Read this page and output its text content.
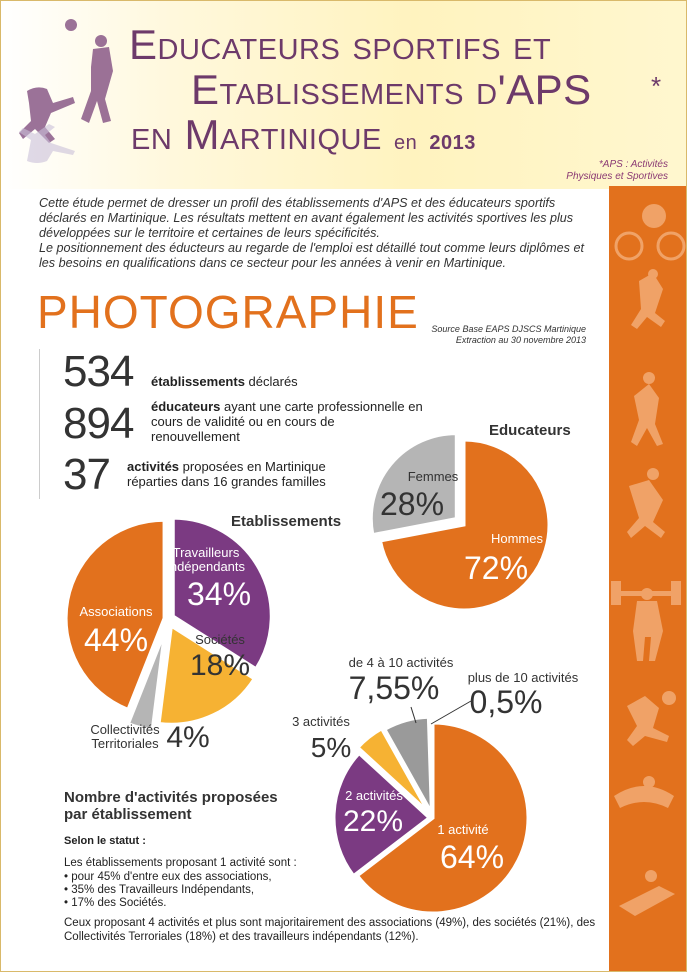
Educateurs sportifs et
Etablissements d'APS *
en Martinique en 2013
*APS : Activités
Physiques et Sportives
Cette étude permet de dresser un profil des établissements d'APS et des éducateurs sportifs déclarés en Martinique. Les résultats mettent en avant également les activités sportives les plus développées sur le territoire et certaines de leurs spécificités.
Le positionnement des éducteurs au regarde de l'emploi est détaillé tout comme leurs diplômes et les besoins en qualifications dans ce secteur pour les années à venir en Martinique.
PHOTOGRAPHIE	Source Base EAPS DJSCS Martinique
Extraction au 30 novembre 2013
534 établissements déclarés
894 éducateurs ayant une carte professionnelle en cours de validité ou en cours de renouvellement
37 activités proposées en Martinique réparties dans 16 grandes familles
Hommes
72%
Femmes
28%
Educateurs
Travailleurs
indépendants
34%
Sociétés
18%
Collectivités
Territoriales 4%
Associations
44%
Etablissements
1 activité
64%
2 activités
22%
3 activités
5%
de 4 à 10 activités
7,55% plus de 10 activités
0,5%
Nombre d'activités proposées par établissement
Selon le statut :
Les établissements proposant 1 activité sont :
• pour 45% d'entre eux des associations,
• 35% des Travailleurs Indépendants,
• 17% des Sociétés.
Ceux proposant 4 activités et plus sont majoritairement des associations (49%), des sociétés (21%), des Collectivités Terroriales (18%) et des travailleurs indépendants (12%).
